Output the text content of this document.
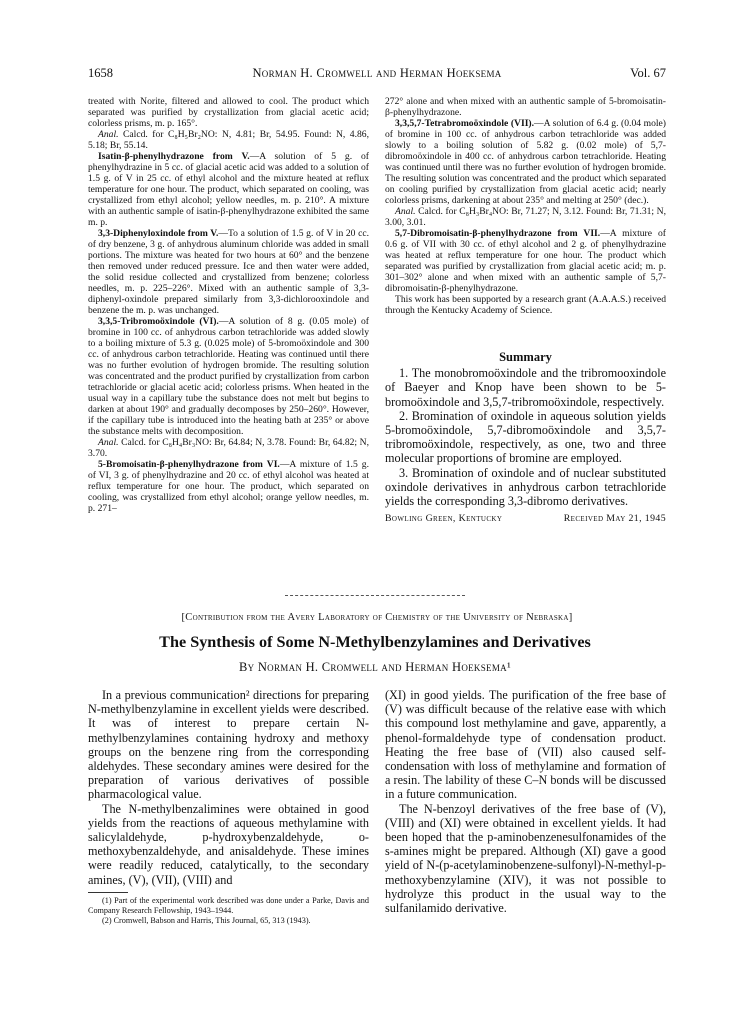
1658	Norman H. Cromwell and Herman Hoeksema	Vol. 67

treated with Norite, filtered and allowed to cool. The product which separated was purified by crystallization from glacial acetic acid; colorless prisms, m. p. 165°.

Anal. Calcd. for C₈H₅Br₂NO: N, 4.81; Br, 54.95. Found: N, 4.86, 5.18; Br, 55.14.

Isatin-β-phenylhydrazone from V.—A solution of 5 g. of phenylhydrazine in 5 cc. of glacial acetic acid was added to a solution of 1.5 g. of V in 25 cc. of ethyl alcohol and the mixture heated at reflux temperature for one hour. The product, which separated on cooling, was crystallized from ethyl alcohol; yellow needles, m. p. 210°. A mixture with an authentic sample of isatin-β-phenylhydrazone exhibited the same m. p.

3,3-Diphenyloxindole from V.—To a solution of 1.5 g. of V in 20 cc. of dry benzene, 3 g. of anhydrous aluminum chloride was added in small portions. The mixture was heated for two hours at 60° and the benzene then removed under reduced pressure. Ice and then water were added, the solid residue collected and crystallized from benzene; colorless needles, m. p. 225–226°. Mixed with an authentic sample of 3,3-diphenyl-oxindole prepared similarly from 3,3-dichlorooxindole and benzene the m. p. was unchanged.

3,3,5-Tribromoöxindole (VI).—A solution of 8 g. (0.05 mole) of bromine in 100 cc. of anhydrous carbon tetrachloride was added slowly to a boiling mixture of 5.3 g. (0.025 mole) of 5-bromoöxindole and 300 cc. of anhydrous carbon tetrachloride. Heating was continued until there was no further evolution of hydrogen bromide. The resulting solution was concentrated and the product purified by crystallization from carbon tetrachloride or glacial acetic acid; colorless prisms. When heated in the usual way in a capillary tube the substance does not melt but begins to darken at about 190° and gradually decomposes by 250–260°. However, if the capillary tube is introduced into the heating bath at 235° or above the substance melts with decomposition.

Anal. Calcd. for C₈H₄Br₃NO: Br, 64.84; N, 3.78. Found: Br, 64.82; N, 3.70.

5-Bromoisatin-β-phenylhydrazone from VI.—A mixture of 1.5 g. of VI, 3 g. of phenylhydrazine and 20 cc. of ethyl alcohol was heated at reflux temperature for one hour. The product, which separated on cooling, was crystallized from ethyl alcohol; orange yellow needles, m. p. 271–

272° alone and when mixed with an authentic sample of 5-bromoisatin-β-phenylhydrazone.

3,3,5,7-Tetrabromoöxindole (VII).—A solution of 6.4 g. (0.04 mole) of bromine in 100 cc. of anhydrous carbon tetrachloride was added slowly to a boiling solution of 5.82 g. (0.02 mole) of 5,7-dibromoöxindole in 400 cc. of anhydrous carbon tetrachloride. Heating was continued until there was no further evolution of hydrogen bromide. The resulting solution was concentrated and the product which separated on cooling purified by crystallization from glacial acetic acid; nearly colorless prisms, darkening at about 235° and melting at 250° (dec.).

Anal. Calcd. for C₈H₃Br₄NO: Br, 71.27; N, 3.12. Found: Br, 71.31; N, 3.00, 3.01.

5,7-Dibromoisatin-β-phenylhydrazone from VII.—A mixture of 0.6 g. of VII with 30 cc. of ethyl alcohol and 2 g. of phenylhydrazine was heated at reflux temperature for one hour. The product which separated was purified by crystallization from glacial acetic acid; m. p. 301–302° alone and when mixed with an authentic sample of 5,7-dibromoisatin-β-phenylhydrazone.

This work has been supported by a research grant (A.A.A.S.) received through the Kentucky Academy of Science.

Summary

1. The monobromoöxindole and the tribromooxindole of Baeyer and Knop have been shown to be 5-bromoöxindole and 3,5,7-tribromoöxindole, respectively.

2. Bromination of oxindole in aqueous solution yields 5-bromoöxindole, 5,7-dibromoöxindole and 3,5,7-tribromoöxindole, respectively, as one, two and three molecular proportions of bromine are employed.

3. Bromination of oxindole and of nuclear substituted oxindole derivatives in anhydrous carbon tetrachloride yields the corresponding 3,3-dibromo derivatives.

Bowling Green, Kentucky	Received May 21, 1945
[Contribution from the Avery Laboratory of Chemistry of the University of Nebraska]
The Synthesis of Some N-Methylbenzylamines and Derivatives
By Norman H. Cromwell and Herman Hoeksema¹

In a previous communication² directions for preparing N-methylbenzylamine in excellent yields were described. It was of interest to prepare certain N-methylbenzylamines containing hydroxy and methoxy groups on the benzene ring from the corresponding aldehydes. These secondary amines were desired for the preparation of various derivatives of possible pharmacological value.

The N-methylbenzalimines were obtained in good yields from the reactions of aqueous methylamine with salicylaldehyde, p-hydroxybenzaldehyde, o-methoxybenzaldehyde, and anisaldehyde. These imines were readily reduced, catalytically, to the secondary amines, (V), (VII), (VIII) and

(1) Part of the experimental work described was done under a Parke, Davis and Company Research Fellowship, 1943–1944.

(2) Cromwell, Babson and Harris, This Journal, 65, 313 (1943).

(XI) in good yields. The purification of the free base of (V) was difficult because of the relative ease with which this compound lost methylamine and gave, apparently, a phenol-formaldehyde type of condensation product. Heating the free base of (VII) also caused self-condensation with loss of methylamine and formation of a resin. The lability of these C–N bonds will be discussed in a future communication.

The N-benzoyl derivatives of the free base of (V), (VIII) and (XI) were obtained in excellent yields. It had been hoped that the p-aminobenzenesulfonamides of the s-amines might be prepared. Although (XI) gave a good yield of N-(p-acetylaminobenzene-sulfonyl)-N-methyl-p-methoxybenzylamine (XIV), it was not possible to hydrolyze this product in the usual way to the sulfanilamido derivative.
